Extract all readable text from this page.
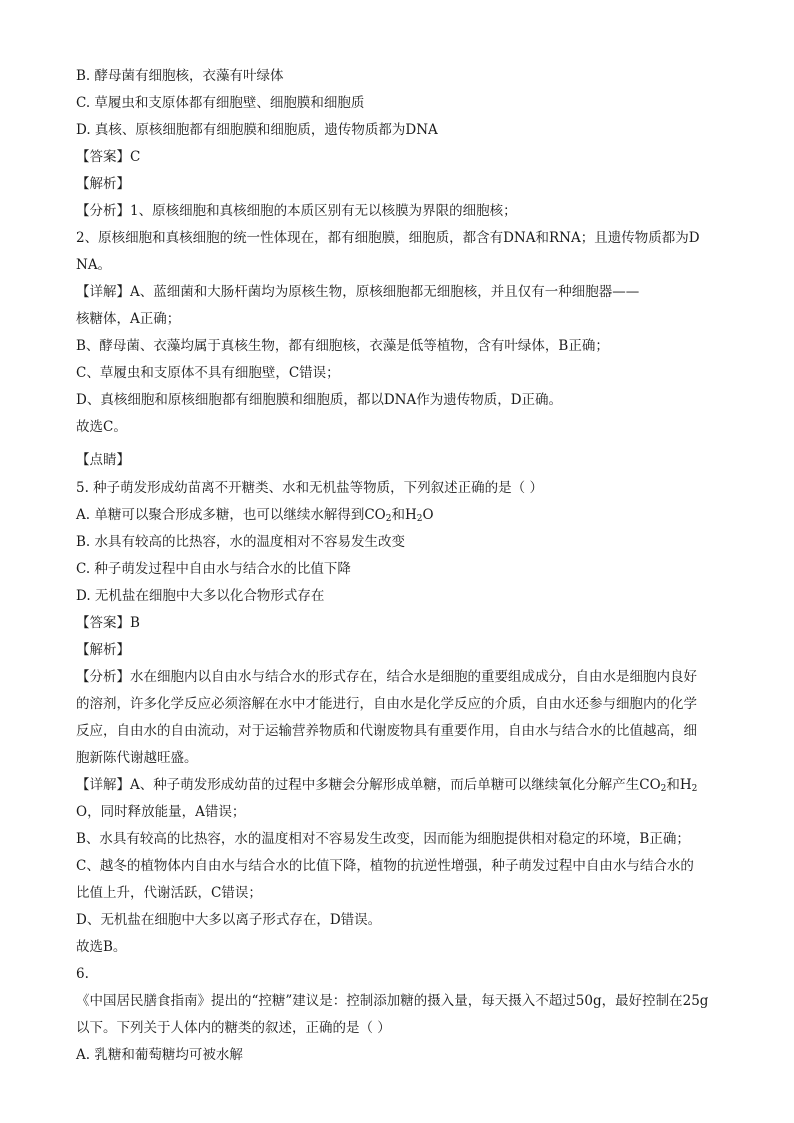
B. 酵母菌有细胞核，衣藻有叶绿体
C. 草履虫和支原体都有细胞壁、细胞膜和细胞质
D. 真核、原核细胞都有细胞膜和细胞质，遗传物质都为DNA
【答案】C
【解析】
【分析】1、原核细胞和真核细胞的本质区别有无以核膜为界限的细胞核；
2、原核细胞和真核细胞的统一性体现在，都有细胞膜，细胞质，都含有DNA和RNA；且遗传物质都为D
NA。
【详解】A、蓝细菌和大肠杆菌均为原核生物，原核细胞都无细胞核，并且仅有一种细胞器——
核糖体，A正确；
B、酵母菌、衣藻均属于真核生物，都有细胞核，衣藻是低等植物，含有叶绿体，B正确；
C、草履虫和支原体不具有细胞壁，C错误；
D、真核细胞和原核细胞都有细胞膜和细胞质，都以DNA作为遗传物质，D正确。
故选C。
【点睛】
5. 种子萌发形成幼苗离不开糖类、水和无机盐等物质，下列叙述正确的是（ ）
A. 单糖可以聚合形成多糖，也可以继续水解得到$CO_2$和$H_2O$
B. 水具有较高的比热容，水的温度相对不容易发生改变
C. 种子萌发过程中自由水与结合水的比值下降
D. 无机盐在细胞中大多以化合物形式存在
【答案】B
【解析】
【分析】水在细胞内以自由水与结合水的形式存在，结合水是细胞的重要组成成分，自由水是细胞内良好
的溶剂，许多化学反应必须溶解在水中才能进行，自由水是化学反应的介质，自由水还参与细胞内的化学
反应，自由水的自由流动，对于运输营养物质和代谢废物具有重要作用，自由水与结合水的比值越高，细
胞新陈代谢越旺盛。
【详解】A、种子萌发形成幼苗的过程中多糖会分解形成单糖，而后单糖可以继续氧化分解产生$CO_2$和$H_2$
O，同时释放能量，A错误；
B、水具有较高的比热容，水的温度相对不容易发生改变，因而能为细胞提供相对稳定的环境，B正确；
C、越冬的植物体内自由水与结合水的比值下降，植物的抗逆性增强，种子萌发过程中自由水与结合水的
比值上升，代谢活跃，C错误；
D、无机盐在细胞中大多以离子形式存在，D错误。
故选B。
6.
《中国居民膳食指南》提出的“控糖”建议是：控制添加糖的摄入量，每天摄入不超过50g，最好控制在25g
以下。下列关于人体内的糖类的叙述，正确的是（ ）
A. 乳糖和葡萄糖均可被水解
